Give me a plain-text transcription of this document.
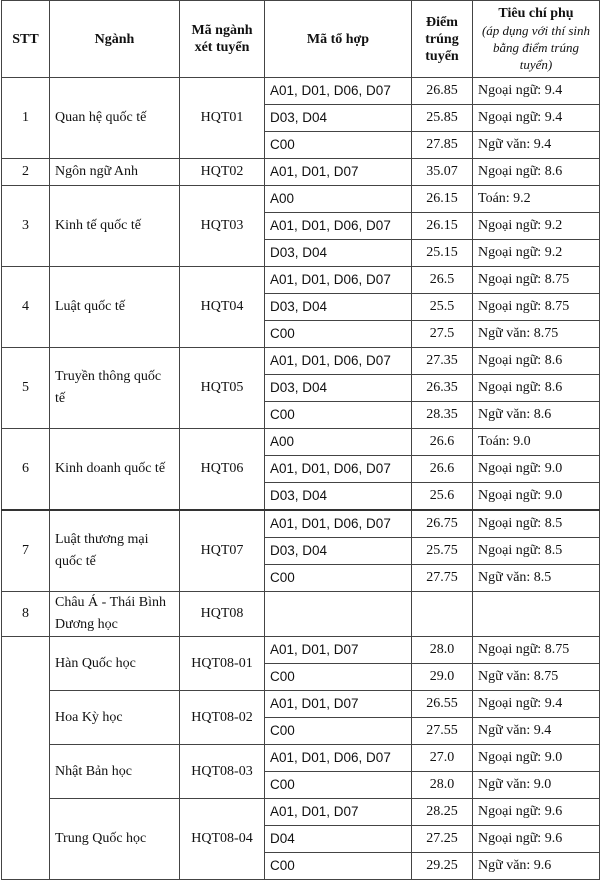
STT	Ngành	Mã ngành xét tuyển	Mã tổ hợp	Điểm trúng tuyển	Tiêu chí phụ
(áp dụng với thí sinh bằng điểm trúng tuyển)

1	Quan hệ quốc tế	HQT01	A01, D01, D06, D07	26.85	Ngoại ngữ: 9.4
			D03, D04	25.85	Ngoại ngữ: 9.4
			C00	27.85	Ngữ văn: 9.4
2	Ngôn ngữ Anh	HQT02	A01, D01, D07	35.07	Ngoại ngữ: 8.6
3	Kinh tế quốc tế	HQT03	A00	26.15	Toán: 9.2
			A01, D01, D06, D07	26.15	Ngoại ngữ: 9.2
			D03, D04	25.15	Ngoại ngữ: 9.2
4	Luật quốc tế	HQT04	A01, D01, D06, D07	26.5	Ngoại ngữ: 8.75
			D03, D04	25.5	Ngoại ngữ: 8.75
			C00	27.5	Ngữ văn: 8.75
5	Truyền thông quốc tế	HQT05	A01, D01, D06, D07	27.35	Ngoại ngữ: 8.6
			D03, D04	26.35	Ngoại ngữ: 8.6
			C00	28.35	Ngữ văn: 8.6
6	Kinh doanh quốc tế	HQT06	A00	26.6	Toán: 9.0
			A01, D01, D06, D07	26.6	Ngoại ngữ: 9.0
			D03, D04	25.6	Ngoại ngữ: 9.0
7	Luật thương mại quốc tế	HQT07	A01, D01, D06, D07	26.75	Ngoại ngữ: 8.5
			D03, D04	25.75	Ngoại ngữ: 8.5
			C00	27.75	Ngữ văn: 8.5
8	Châu Á - Thái Bình Dương học	HQT08			
	Hàn Quốc học	HQT08-01	A01, D01, D07	28.0	Ngoại ngữ: 8.75
			C00	29.0	Ngữ văn: 8.75
	Hoa Kỳ học	HQT08-02	A01, D01, D07	26.55	Ngoại ngữ: 9.4
			C00	27.55	Ngữ văn: 9.4
	Nhật Bản học	HQT08-03	A01, D01, D06, D07	27.0	Ngoại ngữ: 9.0
			C00	28.0	Ngữ văn: 9.0
	Trung Quốc học	HQT08-04	A01, D01, D07	28.25	Ngoại ngữ: 9.6
			D04	27.25	Ngoại ngữ: 9.6
			C00	29.25	Ngữ văn: 9.6
